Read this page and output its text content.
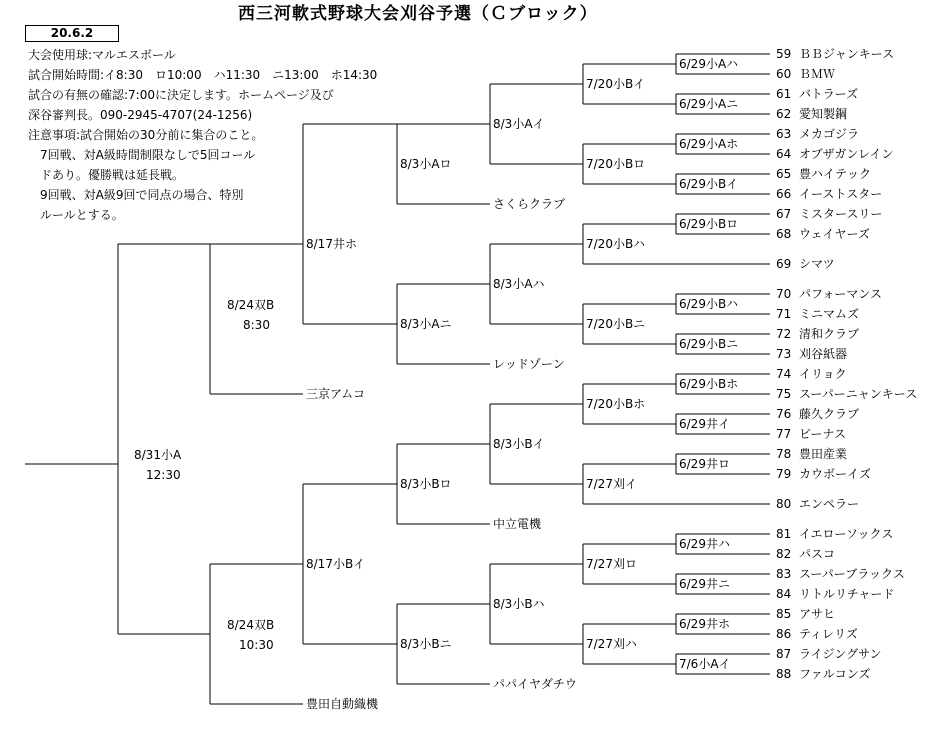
西三河軟式野球大会刈谷予選（Ｃブロック）
20.6.2
大会使用球:マルエスボール
試合開始時間:イ8:30　ロ10:00　ハ11:30　ニ13:00　ホ14:30
試合の有無の確認:7:00に決定します。ホームページ及び
深谷審判長。090-2945-4707(24-1256)
注意事項:試合開始の30分前に集合のこと。
　7回戦、対A級時間制限なしで5回コール
　ドあり。優勝戦は延長戦。
　9回戦、対A級9回で同点の場合、特別
　ルールとする。
59 ＢＢジャンキース
60 ＢＭＷ
61 バトラーズ
62 愛知製鋼
63 メカゴジラ
64 オブザガンレイン
65 豊ハイテック
66 イーストスター
67 ミスタースリー
68 ウェイヤーズ
69 シマツ
70 パフォーマンス
71 ミニマムズ
72 清和クラブ
73 刈谷紙器
74 イリョク
75 スーパーニャンキース
76 藤久クラブ
77 ビーナス
78 豊田産業
79 カウボーイズ
80 エンペラー
81 イエローソックス
82 パスコ
83 スーパーブラックス
84 リトルリチャード
85 アサヒ
86 ティレリズ
87 ライジングサン
88 ファルコンズ
6/29小Aハ
6/29小Aニ
6/29小Aホ
6/29小Bイ
6/29小Bロ
6/29小Bハ
6/29小Bニ
6/29小Bホ
6/29井イ
6/29井ロ
6/29井ハ
6/29井ニ
6/29井ホ
7/6小Aイ
7/20小Bイ
7/20小Bロ
7/20小Bハ
7/20小Bニ
7/20小Bホ
7/27刈イ
7/27刈ロ
7/27刈ハ
8/3小Aイ
8/3小Aハ
8/3小Bイ
8/3小Bハ
さくらクラブ
レッドゾーン
中立電機
パパイヤダチウ
三京アムコ
豊田自動織機
8/3小Aロ
8/3小Aニ
8/3小Bロ
8/3小Bニ
8/17井ホ
8/17小Bイ
8/24双B
8:30
8/24双B
10:30
8/31小A
12:30
